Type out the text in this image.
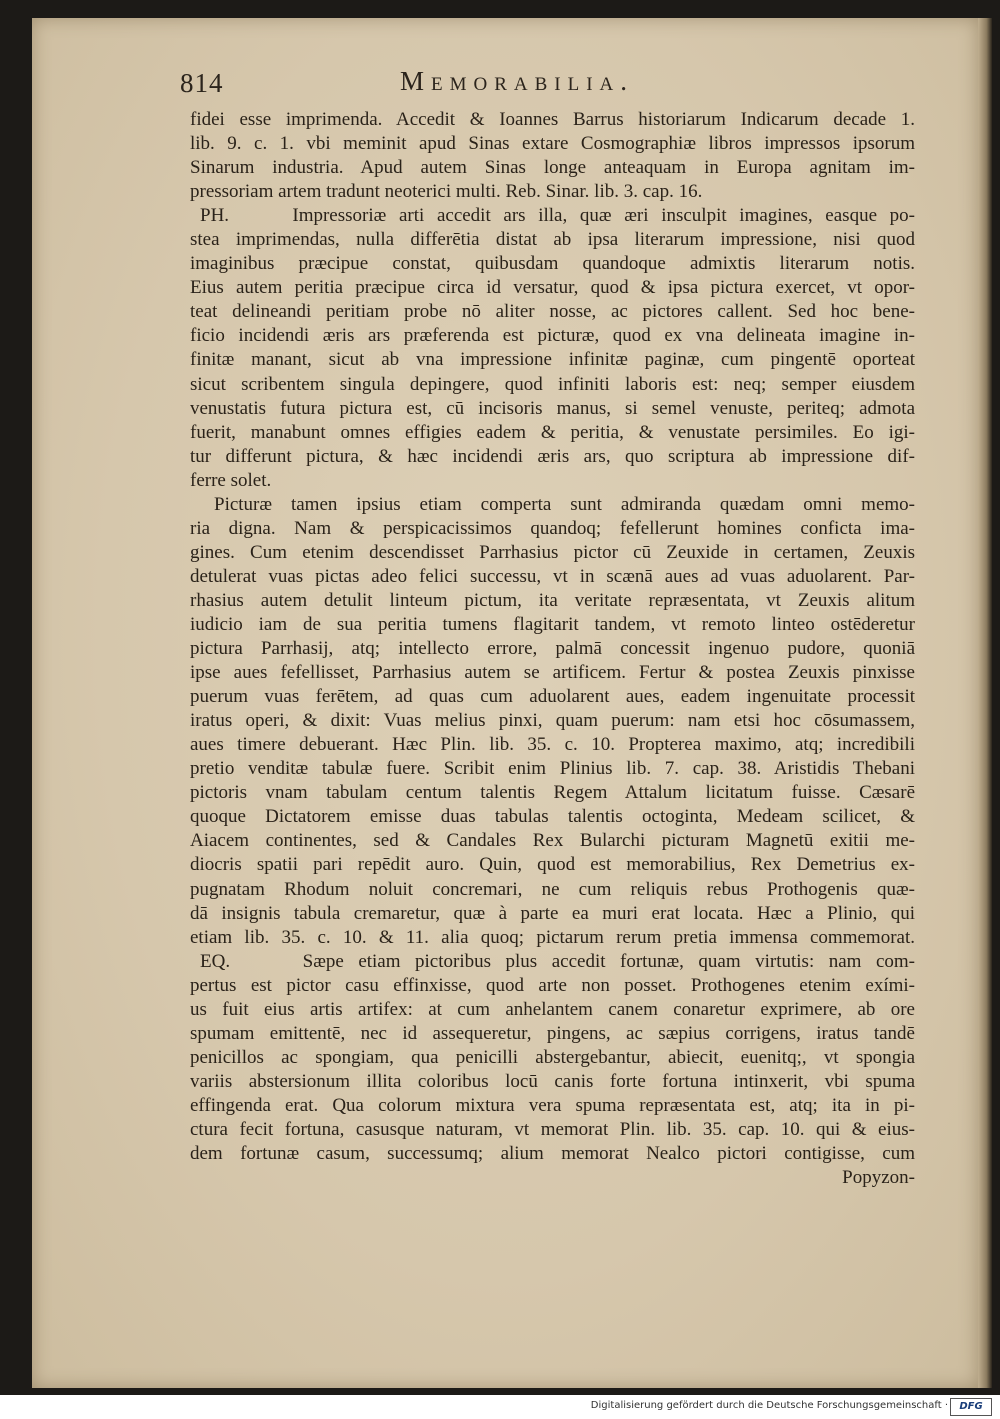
814	Memorabilia.
fidei esse imprimenda. Accedit & Ioannes Barrus historiarum Indicarum decade 1.
lib. 9. c. 1. vbi meminit apud Sinas extare Cosmographiæ libros impressos ipsorum
Sinarum industria. Apud autem Sinas longe anteaquam in Europa agnitam im-
pressoriam artem tradunt neoterici multi. Reb. Sinar. lib. 3. cap. 16.
PH.     Impressoriæ arti accedit ars illa, quæ æri insculpit imagines, easque po-
stea imprimendas, nulla differētia distat ab ipsa literarum impressione, nisi quod
imaginibus præcipue constat, quibusdam quandoque admixtis literarum notis.
Eius autem peritia præcipue circa id versatur, quod & ipsa pictura exercet, vt opor-
teat delineandi peritiam probe nō aliter nosse, ac pictores callent. Sed hoc bene-
ficio incidendi æris ars præferenda est picturæ, quod ex vna delineata imagine in-
finitæ manant, sicut ab vna impressione infinitæ paginæ, cum pingentē oporteat
sicut scribentem singula depingere, quod infiniti laboris est: neq; semper eiusdem
venustatis futura pictura est, cū incisoris manus, si semel venuste, periteq; admota
fuerit, manabunt omnes effigies eadem & peritia, & venustate persimiles. Eo igi-
tur differunt pictura, & hæc incidendi æris ars, quo scriptura ab impressione dif-
ferre solet.
Picturæ tamen ipsius etiam comperta sunt admiranda quædam omni memo-
ria digna. Nam & perspicacissimos quandoq; fefellerunt homines conficta ima-
gines. Cum etenim descendisset Parrhasius pictor cū Zeuxide in certamen, Zeuxis
detulerat vuas pictas adeo felici successu, vt in scænā aues ad vuas aduolarent. Par-
rhasius autem detulit linteum pictum, ita veritate repræsentata, vt Zeuxis alitum
iudicio iam de sua peritia tumens flagitarit tandem, vt remoto linteo ostēderetur
pictura Parrhasij, atq; intellecto errore, palmā concessit ingenuo pudore, quoniā
ipse aues fefellisset, Parrhasius autem se artificem. Fertur & postea Zeuxis pinxisse
puerum vuas ferētem, ad quas cum aduolarent aues, eadem ingenuitate processit
iratus operi, & dixit: Vuas melius pinxi, quam puerum: nam etsi hoc cōsumassem,
aues timere debuerant. Hæc Plin. lib. 35. c. 10. Propterea maximo, atq; incredibili
pretio venditæ tabulæ fuere. Scribit enim Plinius lib. 7. cap. 38. Aristidis Thebani
pictoris vnam tabulam centum talentis Regem Attalum licitatum fuisse. Cæsarē
quoque Dictatorem emisse duas tabulas talentis octoginta, Medeam scilicet, &
Aiacem continentes, sed & Candales Rex Bularchi picturam Magnetū exitii me-
diocris spatii pari repēdit auro. Quin, quod est memorabilius, Rex Demetrius ex-
pugnatam Rhodum noluit concremari, ne cum reliquis rebus Prothogenis quæ-
dā insignis tabula cremaretur, quæ à parte ea muri erat locata. Hæc a Plinio, qui
etiam lib. 35. c. 10. & 11. alia quoq; pictarum rerum pretia immensa commemorat.
EQ.     Sæpe etiam pictoribus plus accedit fortunæ, quam virtutis: nam com-
pertus est pictor casu effinxisse, quod arte non posset. Prothogenes etenim exími-
us fuit eius artis artifex: at cum anhelantem canem conaretur exprimere, ab ore
spumam emittentē, nec id assequeretur, pingens, ac sæpius corrigens, iratus tandē
penicillos ac spongiam, qua penicilli abstergebantur, abiecit, euenitq;, vt spongia
variis abstersionum illita coloribus locū canis forte fortuna intinxerit, vbi spuma
effingenda erat. Qua colorum mixtura vera spuma repræsentata est, atq; ita in pi-
ctura fecit fortuna, casusque naturam, vt memorat Plin. lib. 35. cap. 10. qui & eius-
dem fortunæ casum, successumq; alium memorat Nealco pictori contigisse, cum
Popyzon-
Digitalisierung gefördert durch die Deutsche Forschungsgemeinschaft ·	DFG
